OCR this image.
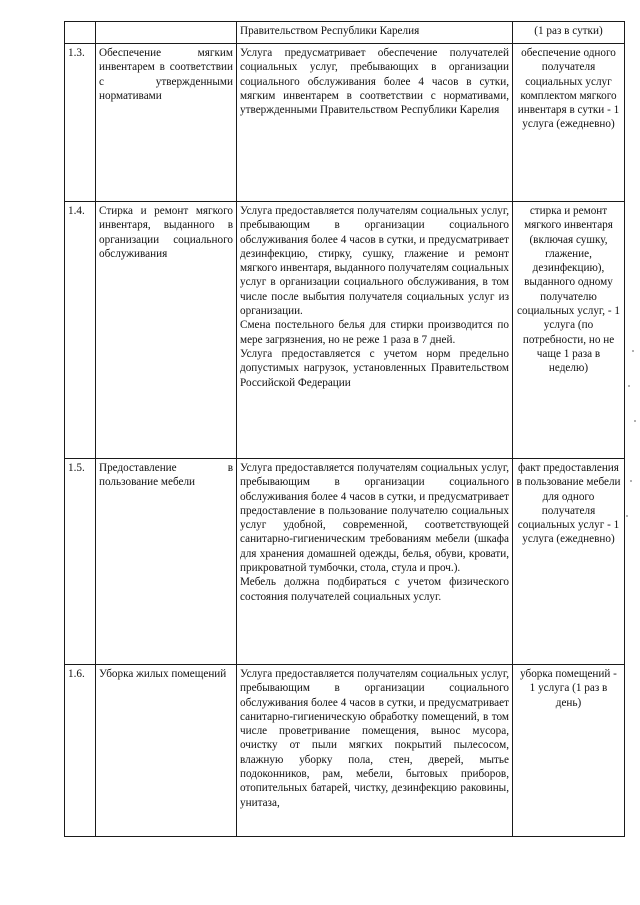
		Правительством Республики Карелия	(1 раз в сутки)
1.3.	Обеспечение мягким инвентарем в соответствии с утвержденными нормативами	Услуга предусматривает обеспечение получателей социальных услуг, пребывающих в организации социального обслуживания более 4 часов в сутки, мягким инвентарем в соответствии с нормативами, утвержденными Правительством Республики Карелия	обеспечение одного получателя социальных услуг комплектом мягкого инвентаря в сутки - 1 услуга (ежедневно)
1.4.	Стирка и ремонт мягкого инвентаря, выданного в организации социального обслуживания	Услуга предоставляется получателям социальных услуг, пребывающим в организации социального обслуживания более 4 часов в сутки, и предусматривает дезинфекцию, стирку, сушку, глажение и ремонт мягкого инвентаря, выданного получателям социальных услуг в организации социального обслуживания, в том числе после выбытия получателя социальных услуг из организации.

Смена постельного белья для стирки производится по мере загрязнения, но не реже 1 раза в 7 дней.

Услуга предоставляется с учетом норм предельно допустимых нагрузок, установленных Правительством Российской Федерации	стирка и ремонт мягкого инвентаря (включая сушку, глажение, дезинфекцию), выданного одному получателю социальных услуг, - 1 услуга (по потребности, но не чаще 1 раза в неделю)
1.5.	Предоставление в пользование мебели	Услуга предоставляется получателям социальных услуг, пребывающим в организации социального обслуживания более 4 часов в сутки, и предусматривает предоставление в пользование получателю социальных услуг удобной, современной, соответствующей санитарно-гигиеническим требованиям мебели (шкафа для хранения домашней одежды, белья, обуви, кровати, прикроватной тумбочки, стола, стула и проч.).

Мебель должна подбираться с учетом физического состояния получателей социальных услуг.	факт предоставления в пользование мебели для одного получателя социальных услуг - 1 услуга (ежедневно)
1.6.	Уборка жилых помещений	Услуга предоставляется получателям социальных услуг, пребывающим в организации социального обслуживания более 4 часов в сутки, и предусматривает санитарно-гигиеническую обработку помещений, в том числе проветривание помещения, вынос мусора, очистку от пыли мягких покрытий пылесосом, влажную уборку пола, стен, дверей, мытье подоконников, рам, мебели, бытовых приборов, отопительных батарей, чистку, дезинфекцию раковины, унитаза,	уборка помещений - 1 услуга (1 раз в день)
